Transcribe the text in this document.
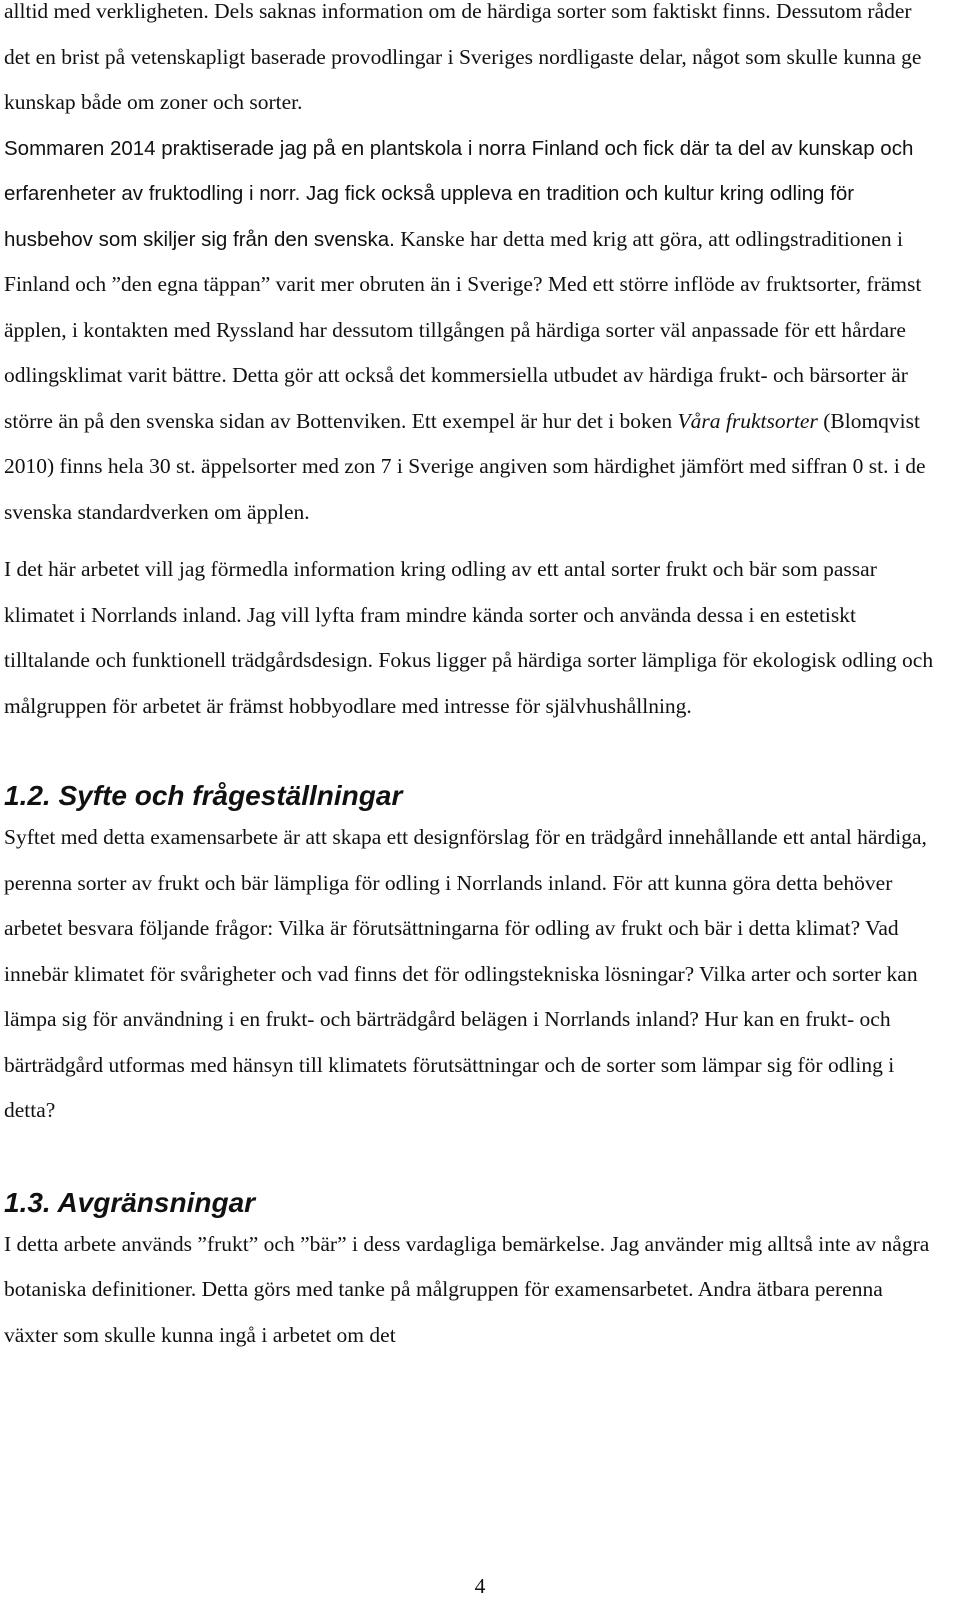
alltid med verkligheten. Dels saknas information om de härdiga sorter som faktiskt finns. Dessutom råder det en brist på vetenskapligt baserade provodlingar i Sveriges nordligaste delar, något som skulle kunna ge kunskap både om zoner och sorter.
Sommaren 2014 praktiserade jag på en plantskola i norra Finland och fick där ta del av kunskap och erfarenheter av fruktodling i norr. Jag fick också uppleva en tradition och kultur kring odling för husbehov som skiljer sig från den svenska. Kanske har detta med krig att göra, att odlingstraditionen i Finland och ”den egna täppan” varit mer obruten än i Sverige? Med ett större inflöde av fruktsorter, främst äpplen, i kontakten med Ryssland har dessutom tillgången på härdiga sorter väl anpassade för ett hårdare odlingsklimat varit bättre. Detta gör att också det kommersiella utbudet av härdiga frukt- och bärsorter är större än på den svenska sidan av Bottenviken. Ett exempel är hur det i boken Våra fruktsorter (Blomqvist 2010) finns hela 30 st. äppelsorter med zon 7 i Sverige angiven som härdighet jämfört med siffran 0 st. i de svenska standardverken om äpplen.

I det här arbetet vill jag förmedla information kring odling av ett antal sorter frukt och bär som passar klimatet i Norrlands inland. Jag vill lyfta fram mindre kända sorter och använda dessa i en estetiskt tilltalande och funktionell trädgårdsdesign. Fokus ligger på härdiga sorter lämpliga för ekologisk odling och målgruppen för arbetet är främst hobbyodlare med intresse för självhushållning.

1.2. Syfte och frågeställningar

Syftet med detta examensarbete är att skapa ett designförslag för en trädgård innehållande ett antal härdiga, perenna sorter av frukt och bär lämpliga för odling i Norrlands inland. För att kunna göra detta behöver arbetet besvara följande frågor: Vilka är förutsättningarna för odling av frukt och bär i detta klimat? Vad innebär klimatet för svårigheter och vad finns det för odlingstekniska lösningar? Vilka arter och sorter kan lämpa sig för användning i en frukt- och bärträdgård belägen i Norrlands inland? Hur kan en frukt- och bärträdgård utformas med hänsyn till klimatets förutsättningar och de sorter som lämpar sig för odling i detta?

1.3. Avgränsningar

I detta arbete används ”frukt” och ”bär” i dess vardagliga bemärkelse. Jag använder mig alltså inte av några botaniska definitioner. Detta görs med tanke på målgruppen för examensarbetet. Andra ätbara perenna växter som skulle kunna ingå i arbetet om det

4
